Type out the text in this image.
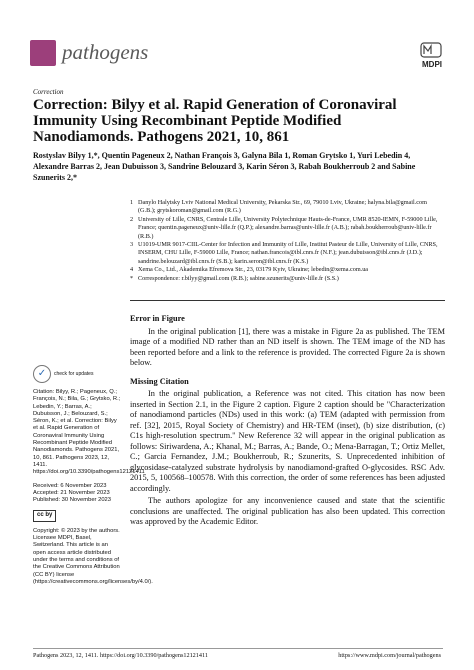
pathogens
MDPI
Correction
Correction: Bilyy et al. Rapid Generation of Coronaviral Immunity Using Recombinant Peptide Modified Nanodiamonds. Pathogens 2021, 10, 861
Rostyslav Bilyy 1,*, Quentin Pageneux 2, Nathan François 3, Galyna Bila 1, Roman Grytsko 1, Yuri Lebedin 4, Alexandre Barras 2, Jean Dubuisson 3, Sandrine Belouzard 3, Karin Séron 3, Rabah Boukherroub 2 and Sabine Szunerits 2,*
1 Danylo Halytsky Lviv National Medical University, Pekarska Str., 69, 79010 Lviv, Ukraine; halyna.bila@gmail.com (G.B.); grytskoroman@gmail.com (R.G.)
2 University of Lille, CNRS, Centrale Lille, University Polytechnique Hauts-de-France, UMR 8520-IEMN, F-59000 Lille, France; quentin.pageneux@univ-lille.fr (Q.P.); alexandre.barras@univ-lille.fr (A.B.); rabah.boukherroub@univ-lille.fr (R.B.)
3 U1019-UMR 9017-CIIL-Center for Infection and Immunity of Lille, Institut Pasteur de Lille, University of Lille, CNRS, INSERM, CHU Lille, F-59000 Lille, France; nathan.francois@ibl.cnrs.fr (N.F.); jean.dubuisson@ibl.cnrs.fr (J.D.); sandrine.belouzard@ibl.cnrs.fr (S.B.); karin.seron@ibl.cnrs.fr (K.S.)
4 Xema Co., Ltd., Akademika Efremova Str., 23, 03179 Kyiv, Ukraine; lebedin@xema.com.ua
* Correspondence: r.bilyy@gmail.com (R.B.); sabine.szunerits@univ-lille.fr (S.S.)
Error in Figure

In the original publication [1], there was a mistake in Figure 2a as published. The TEM image of a modified ND rather than an ND itself is shown. The TEM image of the ND has been reported before and a link to the reference is provided. The corrected Figure 2a is shown below.

Missing Citation

In the original publication, a Reference was not cited. This citation has now been inserted in Section 2.1, in the Figure 2 caption. Figure 2 caption should be "Characterization of nanodiamond particles (NDs) used in this work: (a) TEM (adapted with permission from ref. [32], 2015, Royal Society of Chemistry) and HR-TEM (inset), (b) size distribution, (c) C1s high-resolution spectrum." New Reference 32 will appear in the original publication as follows: Siriwardena, A.; Khanal, M.; Barras, A.; Bande, O.; Mena-Barragan, T.; Ortiz Mellet, C.; Garcia Fernandez, J.M.; Boukherroub, R.; Szunerits, S. Unprecedented inhibition of glycosidase-catalyzed substrate hydrolysis by nanodiamond-grafted O-glycosides. RSC Adv. 2015, 5, 100568–100578. With this correction, the order of some references has been adjusted accordingly.

The authors apologize for any inconvenience caused and state that the scientific conclusions are unaffected. The original publication has also been updated. This correction was approved by the Academic Editor.

✓ check for updates
Citation: Bilyy, R.; Pageneux, Q.; François, N.; Bila, G.; Grytsko, R.; Lebedin, Y.; Barras, A.; Dubuisson, J.; Belouzard, S.; Séron, K.; et al. Correction: Bilyy et al. Rapid Generation of Coronaviral Immunity Using Recombinant Peptide Modified Nanodiamonds. Pathogens 2021, 10, 861. Pathogens 2023, 12, 1411. https://doi.org/10.3390/pathogens12121411
Received: 6 November 2023
Accepted: 21 November 2023
Published: 30 November 2023
cc by
Copyright: © 2023 by the authors. Licensee MDPI, Basel, Switzerland. This article is an open access article distributed under the terms and conditions of the Creative Commons Attribution (CC BY) license (https://creativecommons.org/licenses/by/4.0/).
Pathogens 2023, 12, 1411. https://doi.org/10.3390/pathogens12121411	https://www.mdpi.com/journal/pathogens
